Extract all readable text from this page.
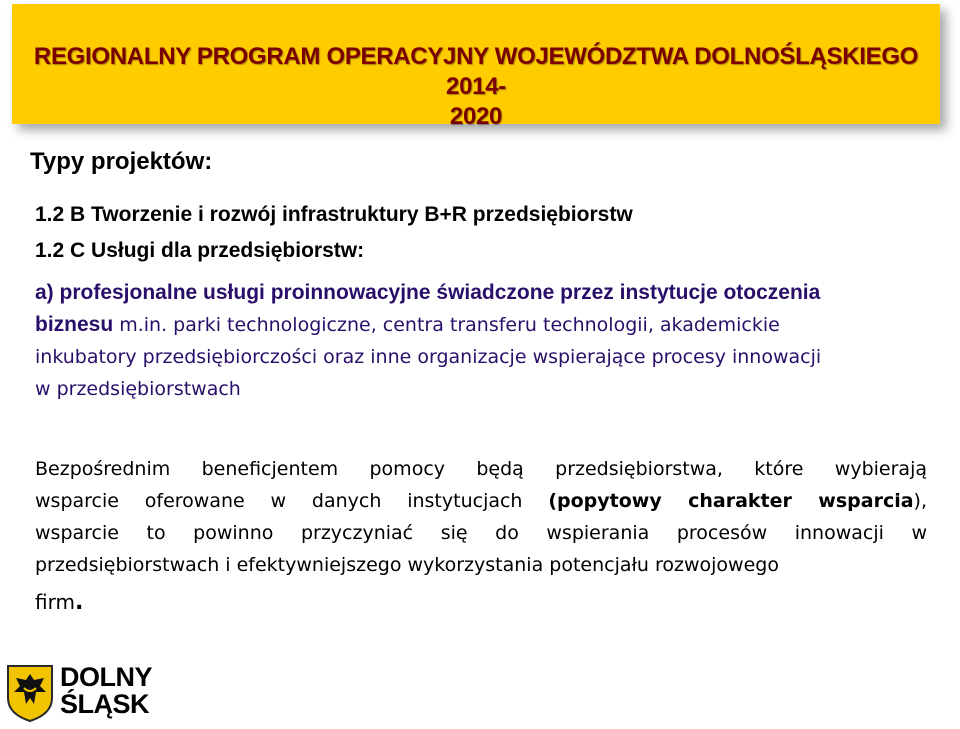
REGIONALNY PROGRAM OPERACYJNY WOJEWÓDZTWA DOLNOŚLĄSKIEGO 2014-
2020
Typy projektów:
1.2 B Tworzenie i rozwój infrastruktury B+R przedsiębiorstw
1.2 C Usługi dla przedsiębiorstw:
a) profesjonalne usługi proinnowacyjne świadczone przez instytucje otoczenia
biznesu m.in. parki technologiczne, centra transferu technologii, akademickie
inkubatory przedsiębiorczości oraz inne organizacje wspierające procesy innowacji
w przedsiębiorstwach
Bezpośrednim beneficjentem pomocy będą przedsiębiorstwa, które wybierają
wsparcie oferowane w danych instytucjach (popytowy charakter wsparcia),
wsparcie to powinno przyczyniać się do wspierania procesów innowacji w
przedsiębiorstwach i efektywniejszego wykorzystania potencjału rozwojowego
firm.
DOLNY
ŚLĄSK
